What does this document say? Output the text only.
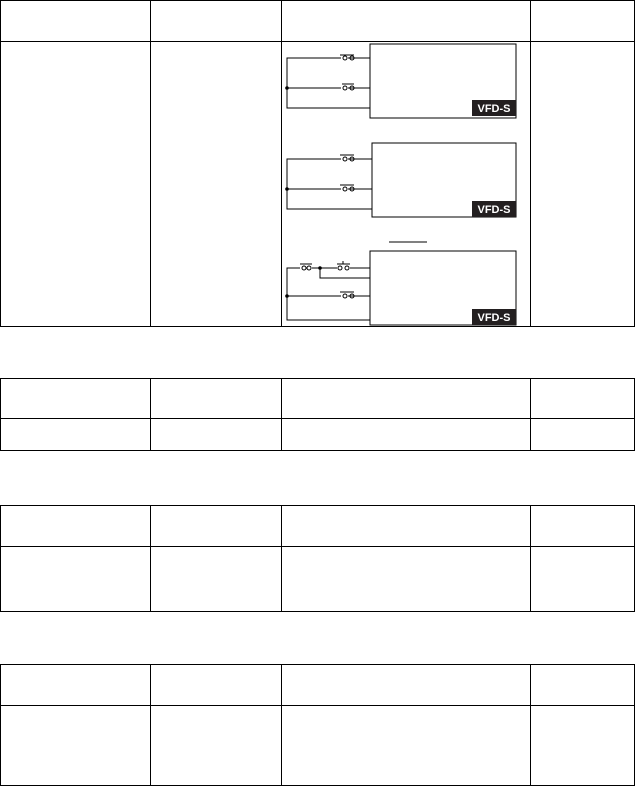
VFD-S
VFD-S
VFD-S	
